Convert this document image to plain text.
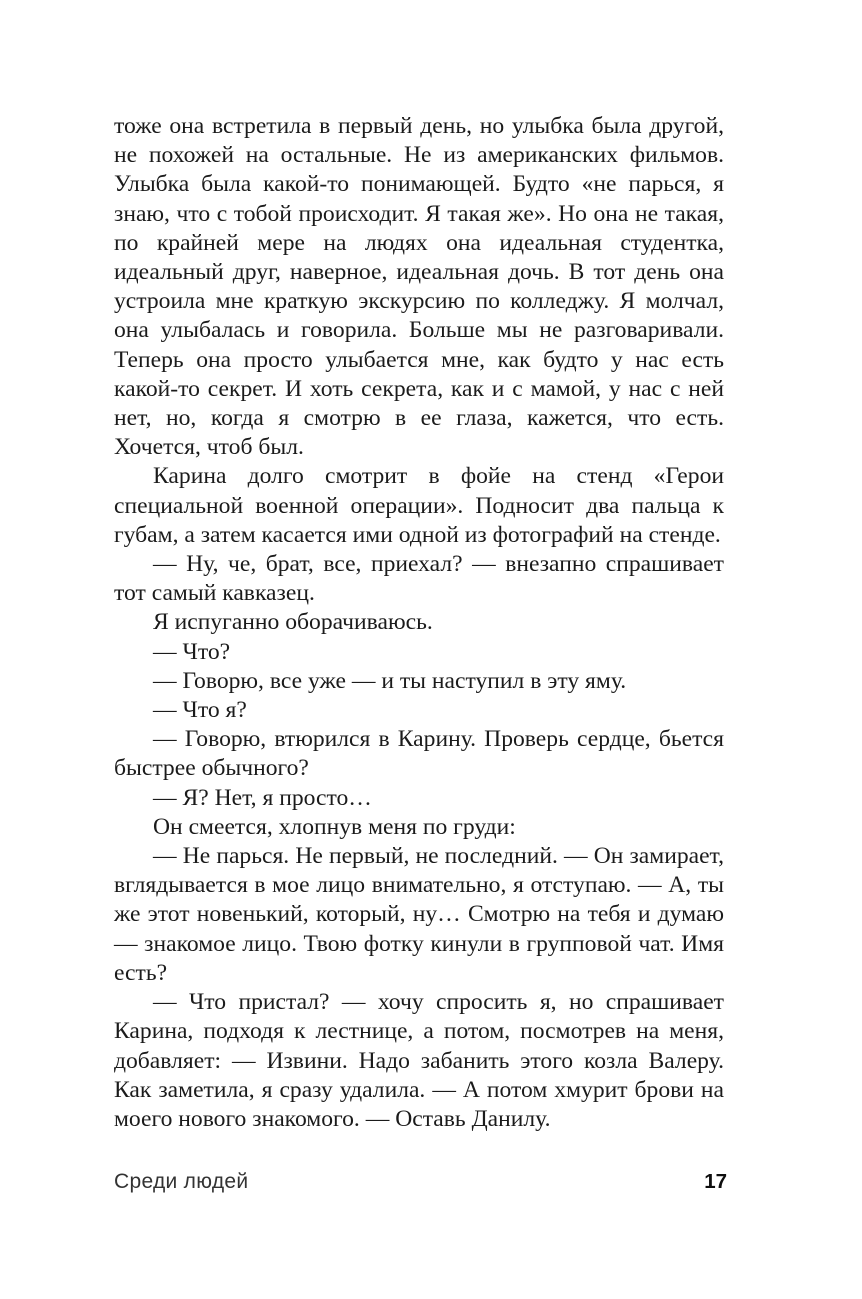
тоже она встретила в первый день, но улыбка была другой, не похожей на остальные. Не из американских фильмов. Улыбка была какой-то понимающей. Будто «не парься, я знаю, что с тобой происходит. Я такая же». Но она не такая, по крайней мере на людях она идеальная студентка, идеальный друг, наверное, идеальная дочь. В тот день она устроила мне краткую экскурсию по колледжу. Я молчал, она улыбалась и говорила. Больше мы не разговаривали. Теперь она просто улыбается мне, как будто у нас есть какой-то секрет. И хоть секрета, как и с мамой, у нас с ней нет, но, когда я смотрю в ее глаза, кажется, что есть. Хочется, чтоб был.

Карина долго смотрит в фойе на стенд «Герои специальной военной операции». Подносит два пальца к губам, а затем касается ими одной из фотографий на стенде.

— Ну, че, брат, все, приехал? — внезапно спрашивает тот самый кавказец.

Я испуганно оборачиваюсь.

— Что?

— Говорю, все уже — и ты наступил в эту яму.

— Что я?

— Говорю, втюрился в Карину. Проверь сердце, бьется быстрее обычного?

— Я? Нет, я просто…

Он смеется, хлопнув меня по груди:

— Не парься. Не первый, не последний. — Он замирает, вглядывается в мое лицо внимательно, я отступаю. — А, ты же этот новенький, который, ну… Смотрю на тебя и думаю — знакомое лицо. Твою фотку кинули в групповой чат. Имя есть?

— Что пристал? — хочу спросить я, но спрашивает Карина, подходя к лестнице, а потом, посмотрев на меня, добавляет: — Извини. Надо забанить этого козла Валеру. Как заметила, я сразу удалила. — А потом хмурит брови на моего нового знакомого. — Оставь Данилу.

Среди людей	17
